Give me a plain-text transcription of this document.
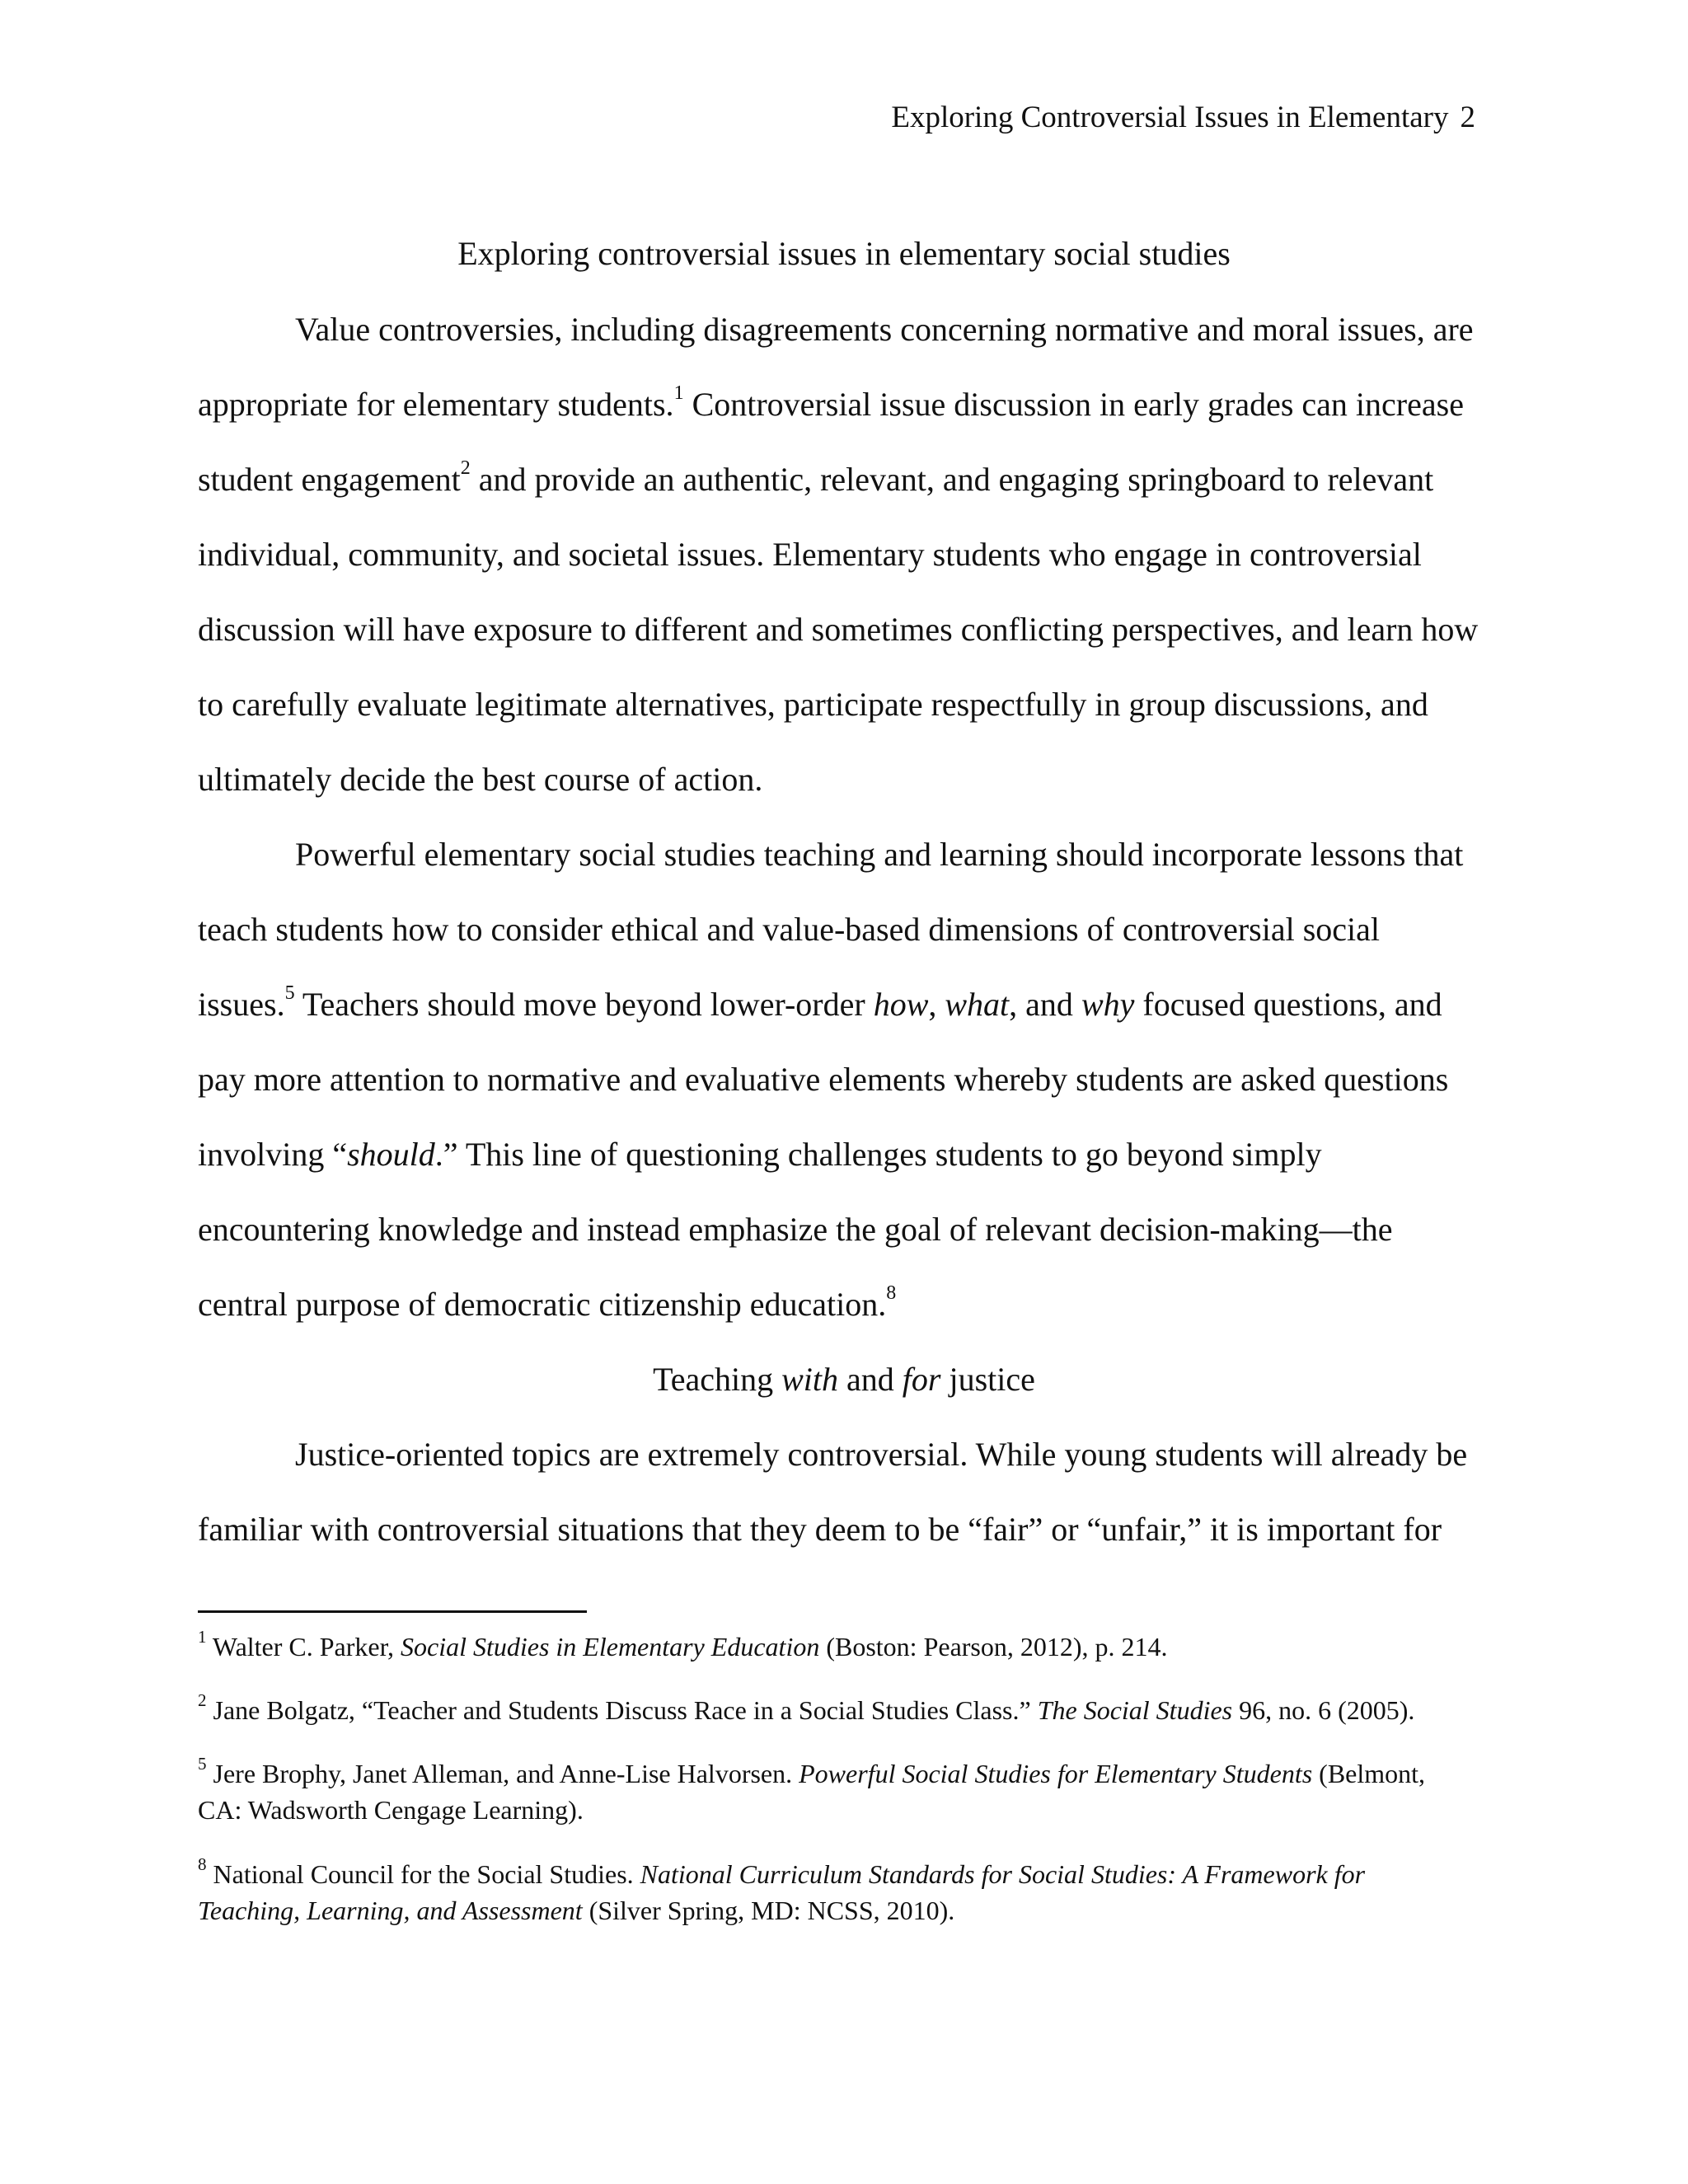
Exploring Controversial Issues in Elementary 2
Exploring controversial issues in elementary social studies
Value controversies, including disagreements concerning normative and moral issues, are
appropriate for elementary students.$^1$ Controversial issue discussion in early grades can increase
student engagement$^2$ and provide an authentic, relevant, and engaging springboard to relevant
individual, community, and societal issues. Elementary students who engage in controversial
discussion will have exposure to different and sometimes conflicting perspectives, and learn how
to carefully evaluate legitimate alternatives, participate respectfully in group discussions, and
ultimately decide the best course of action.
Powerful elementary social studies teaching and learning should incorporate lessons that
teach students how to consider ethical and value-based dimensions of controversial social
issues.$^5$ Teachers should move beyond lower-order how, what, and why focused questions, and
pay more attention to normative and evaluative elements whereby students are asked questions
involving “should.” This line of questioning challenges students to go beyond simply
encountering knowledge and instead emphasize the goal of relevant decision-making—the
central purpose of democratic citizenship education.$^8$
Teaching with and for justice
Justice-oriented topics are extremely controversial. While young students will already be
familiar with controversial situations that they deem to be “fair” or “unfair,” it is important for
$^1$ Walter C. Parker, Social Studies in Elementary Education (Boston: Pearson, 2012), p. 214.
$^2$ Jane Bolgatz, “Teacher and Students Discuss Race in a Social Studies Class.” The Social Studies 96, no. 6 (2005).
$^5$ Jere Brophy, Janet Alleman, and Anne-Lise Halvorsen. Powerful Social Studies for Elementary Students (Belmont,
CA: Wadsworth Cengage Learning).
$^8$ National Council for the Social Studies. National Curriculum Standards for Social Studies: A Framework for
Teaching, Learning, and Assessment (Silver Spring, MD: NCSS, 2010).
